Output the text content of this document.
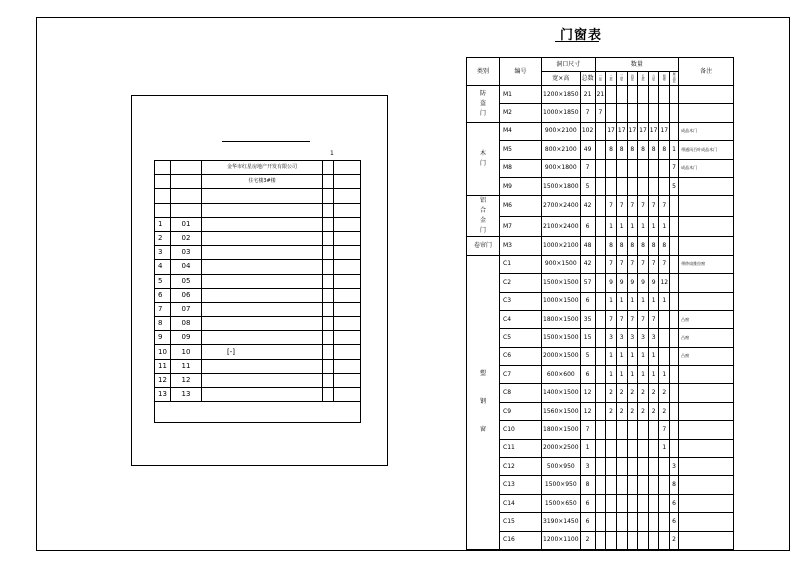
1
		金华市红星房地产开发有限公司		
		住宅楼3#楼		

1	01			
2	02			
3	03			
4	04			
5	05			
6	06			
7	07			
8	08			
9	09			
10	10	[-]		
11	11			
12	12			
13	13			

门窗表
类别	编号	洞口尺寸		数量								备注
		宽×高	总数	一层	二层	三层	四层	五层	六层	阁楼	屋顶层	
防盗门	M1	1200×1850	21	21								
	M2	1000×1850	7	7								
木门	M4	900×2100	102		17	17	17	17	17	17		成品木门
	M5	800×2100	49		8	8	8	8	8	8	1	带通风百叶成品木门
	M8	900×1800	7								7	成品木门
	M9	1500×1800	5								5	
铝合金门	M6	2700×2400	42		7	7	7	7	7	7		
	M7	2100×2400	6		1	1	1	1	1	1		
卷帘门	M3	1000×2100	48		8	8	8	8	8	8		
塑钢窗	C1	900×1500	42		7	7	7	7	7	7		带纱扇推拉窗
	C2	1500×1500	57		9	9	9	9	9	12		
	C3	1000×1500	6		1	1	1	1	1	1		
	C4	1800×1500	35		7	7	7	7	7			凸窗
	C5	1500×1500	15		3	3	3	3	3			凸窗
	C6	2000×1500	5		1	1	1	1	1			凸窗
	C7	600×600	6		1	1	1	1	1	1		
	C8	1400×1500	12		2	2	2	2	2	2		
	C9	1560×1500	12		2	2	2	2	2	2		
	C10	1800×1500	7							7		
	C11	2000×2500	1							1		
	C12	500×950	3								3	
	C13	1500×950	8								8	
	C14	1500×650	6								6	
	C15	3190×1450	6								6	
	C16	1200×1100	2								2	
